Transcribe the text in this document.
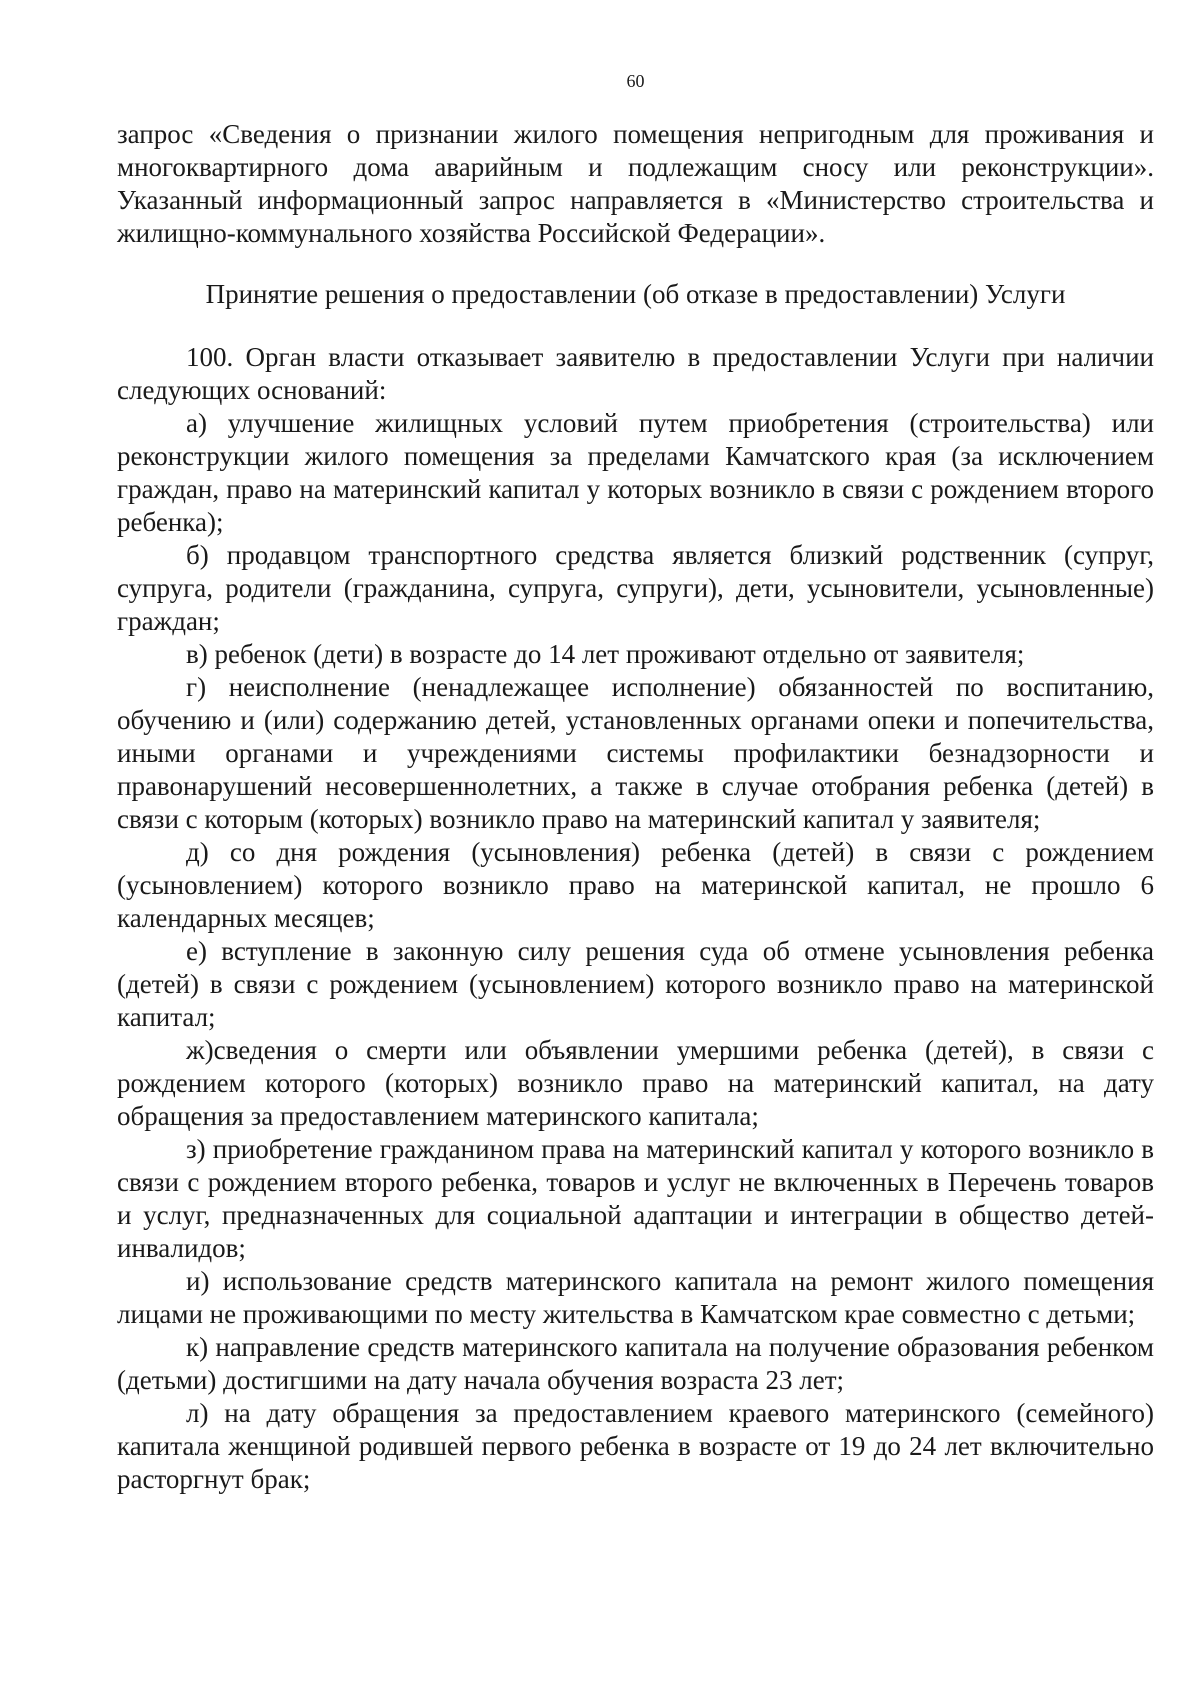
60

запрос «Сведения о признании жилого помещения непригодным для проживания и многоквартирного дома аварийным и подлежащим сносу или реконструкции». Указанный информационный запрос направляется в «Министерство строительства и жилищно-коммунального хозяйства Российской Федерации».

Принятие решения о предоставлении (об отказе в предоставлении) Услуги

100. Орган власти отказывает заявителю в предоставлении Услуги при наличии следующих оснований:

а) улучшение жилищных условий путем приобретения (строительства) или реконструкции жилого помещения за пределами Камчатского края (за исключением граждан, право на материнский капитал у которых возникло в связи с рождением второго ребенка);

б) продавцом транспортного средства является близкий родственник (супруг, супруга, родители (гражданина, супруга, супруги), дети, усыновители, усыновленные) граждан;

в) ребенок (дети) в возрасте до 14 лет проживают отдельно от заявителя;

г) неисполнение (ненадлежащее исполнение) обязанностей по воспитанию, обучению и (или) содержанию детей, установленных органами опеки и попечительства, иными органами и учреждениями системы профилактики безнадзорности и правонарушений несовершеннолетних, а также в случае отобрания ребенка (детей) в связи с которым (которых) возникло право на материнский капитал у заявителя;

д) со дня рождения (усыновления) ребенка (детей) в связи с рождением (усыновлением) которого возникло право на материнской капитал, не прошло 6 календарных месяцев;

е) вступление в законную силу решения суда об отмене усыновления ребенка (детей) в связи с рождением (усыновлением) которого возникло право на материнской капитал;

ж)сведения о смерти или объявлении умершими ребенка (детей), в связи с рождением которого (которых) возникло право на материнский капитал, на дату обращения за предоставлением материнского капитала;

з) приобретение гражданином права на материнский капитал у которого возникло в связи с рождением второго ребенка, товаров и услуг не включенных в Перечень товаров и услуг, предназначенных для социальной адаптации и интеграции в общество детей-инвалидов;

и) использование средств материнского капитала на ремонт жилого помещения лицами не проживающими по месту жительства в Камчатском крае совместно с детьми;

к) направление средств материнского капитала на получение образования ребенком (детьми) достигшими на дату начала обучения возраста 23 лет;

л) на дату обращения за предоставлением краевого материнского (семейного) капитала женщиной родившей первого ребенка в возрасте от 19 до 24 лет включительно расторгнут брак;
